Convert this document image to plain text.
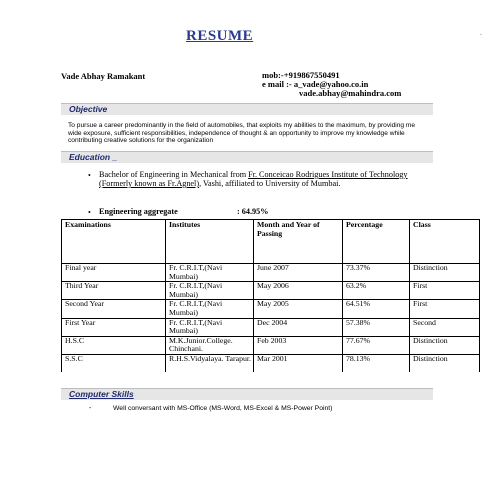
RESUME	.
Vade Abhay Ramakant	mob:-+919867550491
e mail :- a_vade@yahoo.co.in
vade.abhay@mahindra.com
Objective
To pursue a career predominantly in the field of automobiles, that exploits my abilities to the maximum, by providing me wide exposure, sufficient responsibilities, independence of thought & an opportunity to improve my knowledge while contributing creative solutions for the organization
Education _
• Bachelor of Engineering in Mechanical from Fr. Conceicao Rodrigues Institute of Technology (Formerly known as Fr.Agnel), Vashi, affiliated to University of Mumbai.
• Engineering aggregate	: 64.95%
Examinations	Institutes	Month and Year of Passing	Percentage	Class
Final year	Fr. C.R.I.T,(Navi Mumbai)	June 2007	73.37%	Distinction
Third Year	Fr. C.R.I.T,(Navi Mumbai)	May 2006	63.2%	First
Second Year	Fr. C.R.I.T,(Navi Mumbai)	May 2005	64.51%	First
First Year	Fr. C.R.I.T,(Navi Mumbai)	Dec 2004	57.38%	Second
H.S.C	M.K.Junior.College. Chinchani.	Feb 2003	77.67%	Distinction
S.S.C	R.H.S.Vidyalaya. Tarapur.	Mar 2001	78.13%	Distinction
Computer Skills
-	Well conversant with MS-Office (MS-Word, MS-Excel & MS-Power Point)
